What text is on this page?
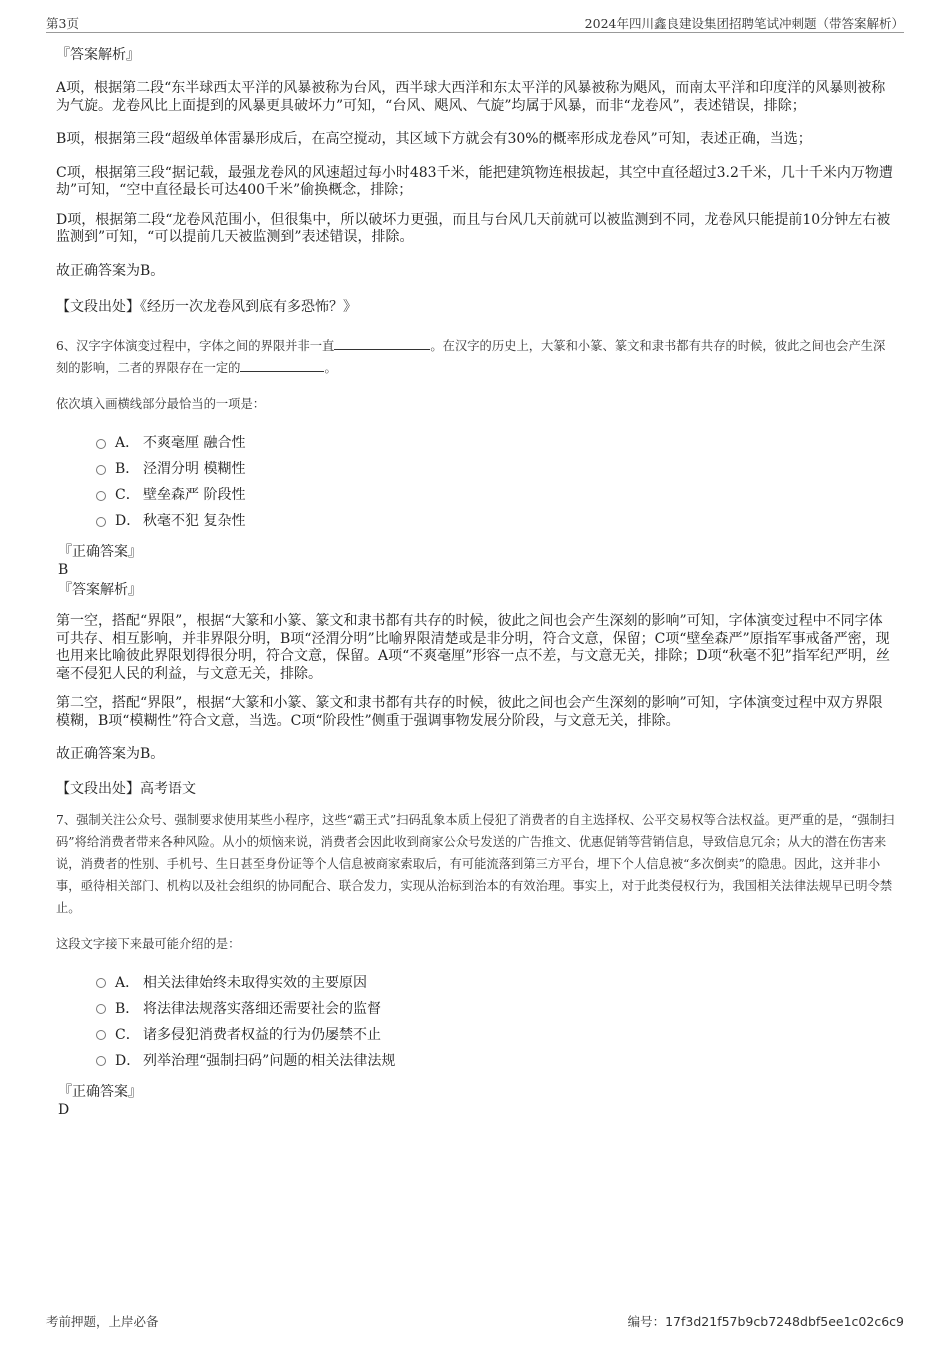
第3页	2024年四川鑫良建设集团招聘笔试冲刺题（带答案解析）

『答案解析』

A项，根据第二段“东半球西太平洋的风暴被称为台风，西半球大西洋和东太平洋的风暴被称为飓风，而南太平洋和印度洋的风暴则被称为气旋。龙卷风比上面提到的风暴更具破坏力”可知，“台风、飓风、气旋”均属于风暴，而非“龙卷风”，表述错误，排除；

B项，根据第三段“超级单体雷暴形成后，在高空搅动，其区域下方就会有30%的概率形成龙卷风”可知，表述正确，当选；

C项，根据第三段“据记载，最强龙卷风的风速超过每小时483千米，能把建筑物连根拔起，其空中直径超过3.2千米，几十千米内万物遭劫”可知，“空中直径最长可达400千米”偷换概念，排除；

D项，根据第二段“龙卷风范围小，但很集中，所以破坏力更强，而且与台风几天前就可以被监测到不同，龙卷风只能提前10分钟左右被监测到”可知，“可以提前几天被监测到”表述错误，排除。

故正确答案为B。

【文段出处】《经历一次龙卷风到底有多恐怖？》

6、汉字字体演变过程中，字体之间的界限并非一直	。在汉字的历史上，大篆和小篆、篆文和隶书都有共存的时候，彼此之间也会产生深刻的影响，二者的界限存在一定的	。

依次填入画横线部分最恰当的一项是：

A． 不爽毫厘 融合性
B． 泾渭分明 模糊性
C． 壁垒森严 阶段性
D． 秋毫不犯 复杂性

『正确答案』

B

『答案解析』

第一空，搭配“界限”，根据“大篆和小篆、篆文和隶书都有共存的时候，彼此之间也会产生深刻的影响”可知，字体演变过程中不同字体可共存、相互影响，并非界限分明，B项“泾渭分明”比喻界限清楚或是非分明，符合文意，保留；C项“壁垒森严”原指军事戒备严密，现也用来比喻彼此界限划得很分明，符合文意，保留。A项“不爽毫厘”形容一点不差，与文意无关，排除；D项“秋毫不犯”指军纪严明，丝毫不侵犯人民的利益，与文意无关，排除。

第二空，搭配“界限”，根据“大篆和小篆、篆文和隶书都有共存的时候，彼此之间也会产生深刻的影响”可知，字体演变过程中双方界限模糊，B项“模糊性”符合文意，当选。C项“阶段性”侧重于强调事物发展分阶段，与文意无关，排除。

故正确答案为B。

【文段出处】高考语文

7、强制关注公众号、强制要求使用某些小程序，这些“霸王式”扫码乱象本质上侵犯了消费者的自主选择权、公平交易权等合法权益。更严重的是，“强制扫码”将给消费者带来各种风险。从小的烦恼来说，消费者会因此收到商家公众号发送的广告推文、优惠促销等营销信息，导致信息冗余；从大的潜在伤害来说，消费者的性别、手机号、生日甚至身份证等个人信息被商家索取后，有可能流落到第三方平台，埋下个人信息被“多次倒卖”的隐患。因此，这并非小事，亟待相关部门、机构以及社会组织的协同配合、联合发力，实现从治标到治本的有效治理。事实上，对于此类侵权行为，我国相关法律法规早已明令禁止。

这段文字接下来最可能介绍的是：

A． 相关法律始终未取得实效的主要原因
B． 将法律法规落实落细还需要社会的监督
C． 诸多侵犯消费者权益的行为仍屡禁不止
D． 列举治理“强制扫码”问题的相关法律法规

『正确答案』

D

考前押题，上岸必备	编号：17f3d21f57b9cb7248dbf5ee1c02c6c9
